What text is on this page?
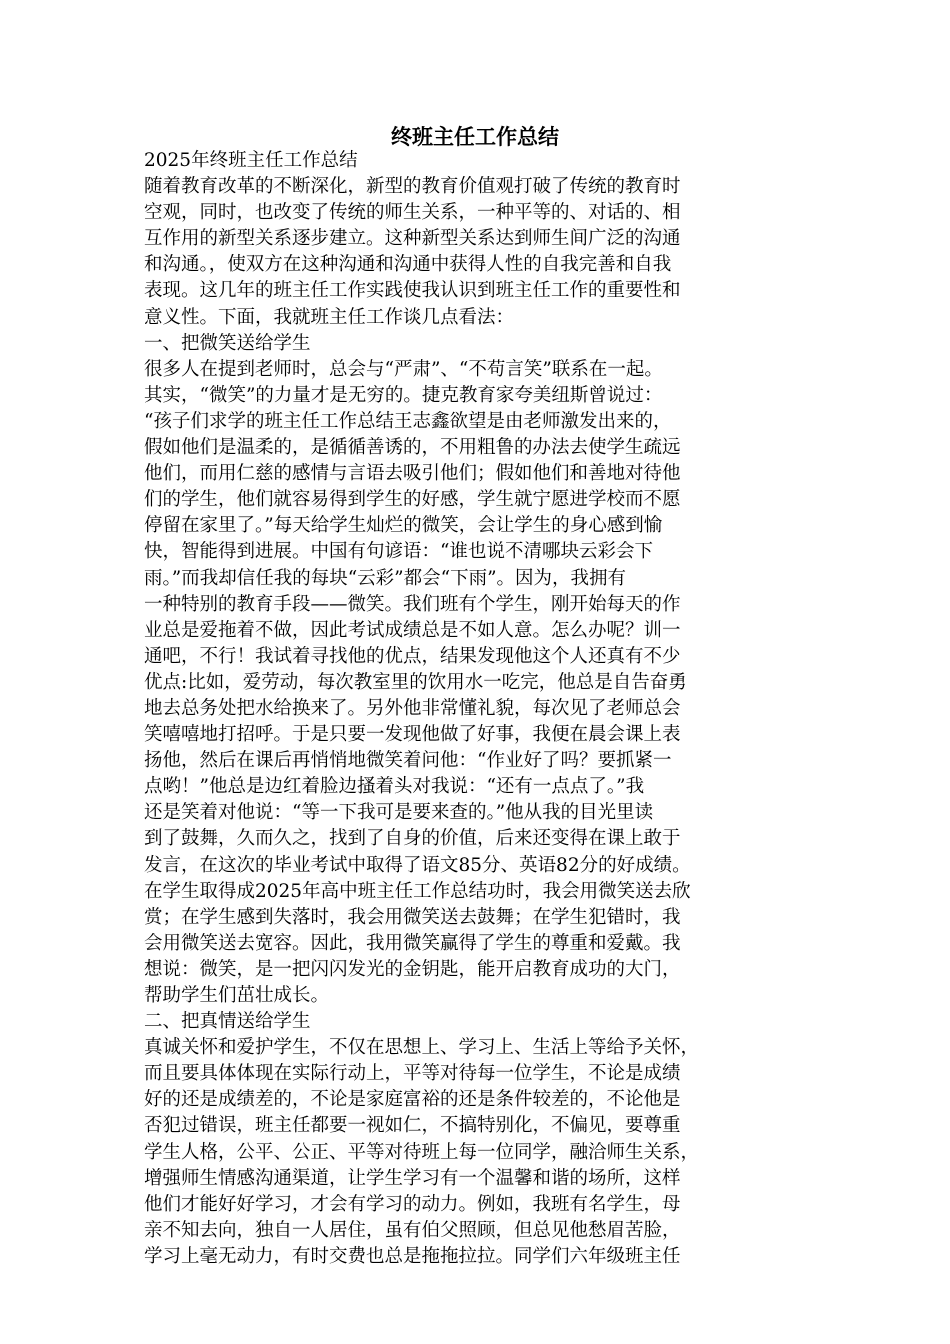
终班主任工作总结

2025年终班主任工作总结

随着教育改革的不断深化，新型的教育价值观打破了传统的教育时

空观，同时，也改变了传统的师生关系，一种平等的、对话的、相

互作用的新型关系逐步建立。这种新型关系达到师生间广泛的沟通

和沟通。，使双方在这种沟通和沟通中获得人性的自我完善和自我

表现。这几年的班主任工作实践使我认识到班主任工作的重要性和

意义性。下面，我就班主任工作谈几点看法：

一、把微笑送给学生

很多人在提到老师时，总会与“严肃”、“不苟言笑”联系在一起。

其实，“微笑”的力量才是无穷的。捷克教育家夸美纽斯曾说过：

“孩子们求学的班主任工作总结王志鑫欲望是由老师激发出来的，

假如他们是温柔的，是循循善诱的，不用粗鲁的办法去使学生疏远

他们，而用仁慈的感情与言语去吸引他们；假如他们和善地对待他

们的学生，他们就容易得到学生的好感，学生就宁愿进学校而不愿

停留在家里了。”每天给学生灿烂的微笑，会让学生的身心感到愉

快，智能得到进展。中国有句谚语：“谁也说不清哪块云彩会下

雨。”而我却信任我的每块“云彩”都会“下雨”。因为，我拥有

一种特别的教育手段——微笑。我们班有个学生，刚开始每天的作

业总是爱拖着不做，因此考试成绩总是不如人意。怎么办呢？训一

通吧，不行！我试着寻找他的优点，结果发现他这个人还真有不少

优点:比如，爱劳动，每次教室里的饮用水一吃完，他总是自告奋勇

地去总务处把水给换来了。另外他非常懂礼貌，每次见了老师总会

笑嘻嘻地打招呼。于是只要一发现他做了好事，我便在晨会课上表

扬他，然后在课后再悄悄地微笑着问他：“作业好了吗？要抓紧一

点哟！”他总是边红着脸边搔着头对我说：“还有一点点了。”我

还是笑着对他说：“等一下我可是要来查的。”他从我的目光里读

到了鼓舞，久而久之，找到了自身的价值，后来还变得在课上敢于

发言，在这次的毕业考试中取得了语文85分、英语82分的好成绩。

在学生取得成2025年高中班主任工作总结功时，我会用微笑送去欣

赏；在学生感到失落时，我会用微笑送去鼓舞；在学生犯错时，我

会用微笑送去宽容。因此，我用微笑赢得了学生的尊重和爱戴。我

想说：微笑，是一把闪闪发光的金钥匙，能开启教育成功的大门，

帮助学生们茁壮成长。

二、把真情送给学生

真诚关怀和爱护学生，不仅在思想上、学习上、生活上等给予关怀，

而且要具体体现在实际行动上，平等对待每一位学生，不论是成绩

好的还是成绩差的，不论是家庭富裕的还是条件较差的，不论他是

否犯过错误，班主任都要一视如仁，不搞特别化，不偏见，要尊重

学生人格，公平、公正、平等对待班上每一位同学，融洽师生关系，

增强师生情感沟通渠道，让学生学习有一个温馨和谐的场所，这样

他们才能好好学习，才会有学习的动力。例如，我班有名学生，母

亲不知去向，独自一人居住，虽有伯父照顾，但总见他愁眉苦脸，

学习上毫无动力，有时交费也总是拖拖拉拉。同学们六年级班主任
